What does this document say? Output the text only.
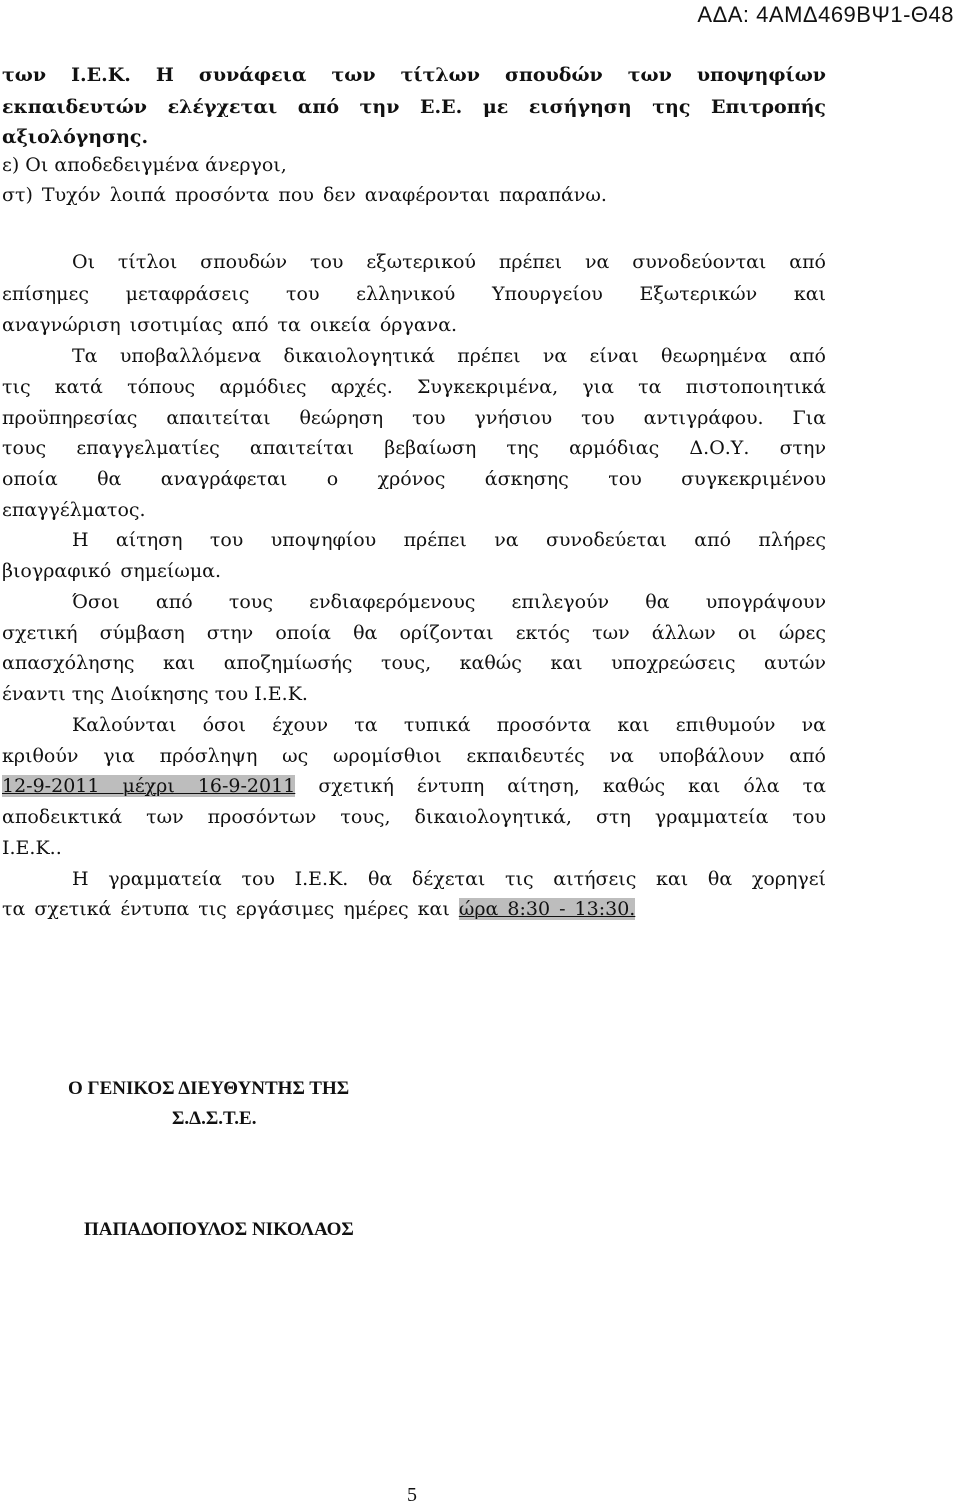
ΑΔΑ: 4ΑΜΔ469ΒΨ1-Θ48
των Ι.Ε.Κ. Η συνάφεια των τίτλων σπουδών των υποψηφίων
εκπαιδευτών ελέγχεται από την Ε.Ε. με εισήγηση της Επιτροπής
αξιολόγησης.
ε) Οι αποδεδειγμένα άνεργοι,
στ) Τυχόν λοιπά προσόντα που δεν αναφέρονται παραπάνω.
Οι τίτλοι σπουδών του εξωτερικού πρέπει να συνοδεύονται από
επίσημες μεταφράσεις του ελληνικού Υπουργείου Εξωτερικών και
αναγνώριση ισοτιμίας από τα οικεία όργανα.
Τα υποβαλλόμενα δικαιολογητικά πρέπει να είναι θεωρημένα από
τις κατά τόπους αρμόδιες αρχές. Συγκεκριμένα, για τα πιστοποιητικά
προϋπηρεσίας απαιτείται θεώρηση του γνήσιου του αντιγράφου. Για
τους επαγγελματίες απαιτείται βεβαίωση της αρμόδιας Δ.Ο.Υ. στην
οποία θα αναγράφεται ο χρόνος άσκησης του συγκεκριμένου
επαγγέλματος.
Η αίτηση του υποψηφίου πρέπει να συνοδεύεται από πλήρες
βιογραφικό σημείωμα.
Όσοι από τους ενδιαφερόμενους επιλεγούν θα υπογράψουν
σχετική σύμβαση στην οποία θα ορίζονται εκτός των άλλων οι ώρες
απασχόλησης και αποζημίωσής τους, καθώς και υποχρεώσεις αυτών
έναντι της Διοίκησης του Ι.Ε.Κ.
Καλούνται όσοι έχουν τα τυπικά προσόντα και επιθυμούν να
κριθούν για πρόσληψη ως ωρομίσθιοι εκπαιδευτές να υποβάλουν από
12-9-2011 μέχρι 16-9-2011 σχετική έντυπη αίτηση, καθώς και όλα τα
αποδεικτικά των προσόντων τους, δικαιολογητικά, στη γραμματεία του
Ι.Ε.Κ..
Η γραμματεία του Ι.Ε.Κ. θα δέχεται τις αιτήσεις και θα χορηγεί
τα σχετικά έντυπα τις εργάσιμες ημέρες και ώρα 8:30 - 13:30.
Ο ΓΕΝΙΚΟΣ ΔΙΕΥΘΥΝΤΗΣ ΤΗΣ
Σ.Δ.Σ.Τ.Ε.
ΠΑΠΑΔΟΠΟΥΛΟΣ ΝΙΚΟΛΑΟΣ
5
